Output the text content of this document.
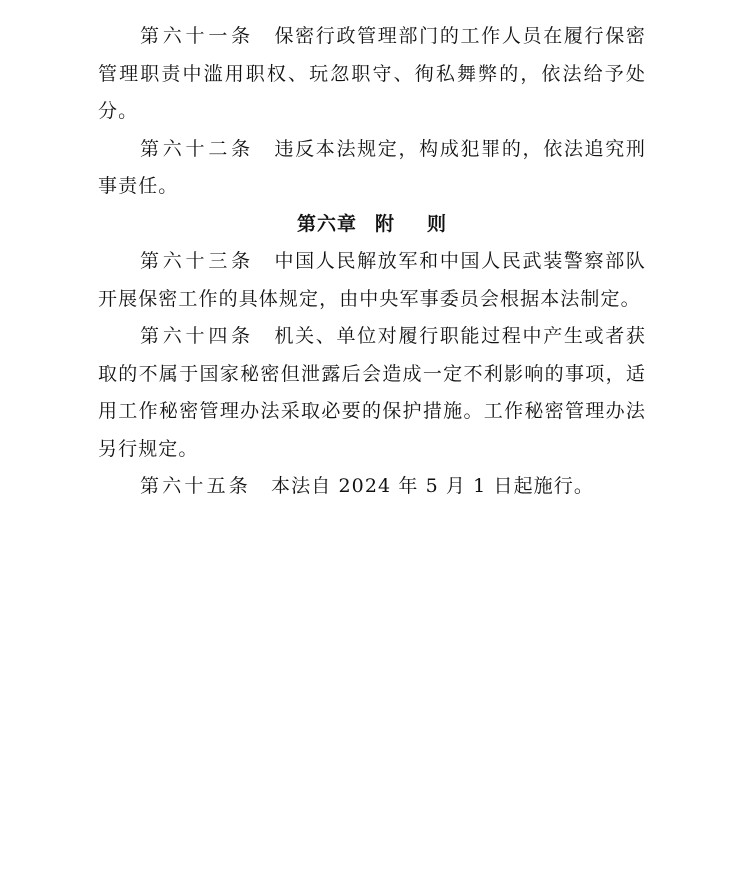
第六十一条 保密行政管理部门的工作人员在履行保密管理职责中滥用职权、玩忽职守、徇私舞弊的，依法给予处分。

第六十二条 违反本法规定，构成犯罪的，依法追究刑事责任。

第六章 附 则

第六十三条 中国人民解放军和中国人民武装警察部队开展保密工作的具体规定，由中央军事委员会根据本法制定。

第六十四条 机关、单位对履行职能过程中产生或者获取的不属于国家秘密但泄露后会造成一定不利影响的事项，适用工作秘密管理办法采取必要的保护措施。工作秘密管理办法另行规定。

第六十五条 本法自 2024 年 5 月 1 日起施行。
